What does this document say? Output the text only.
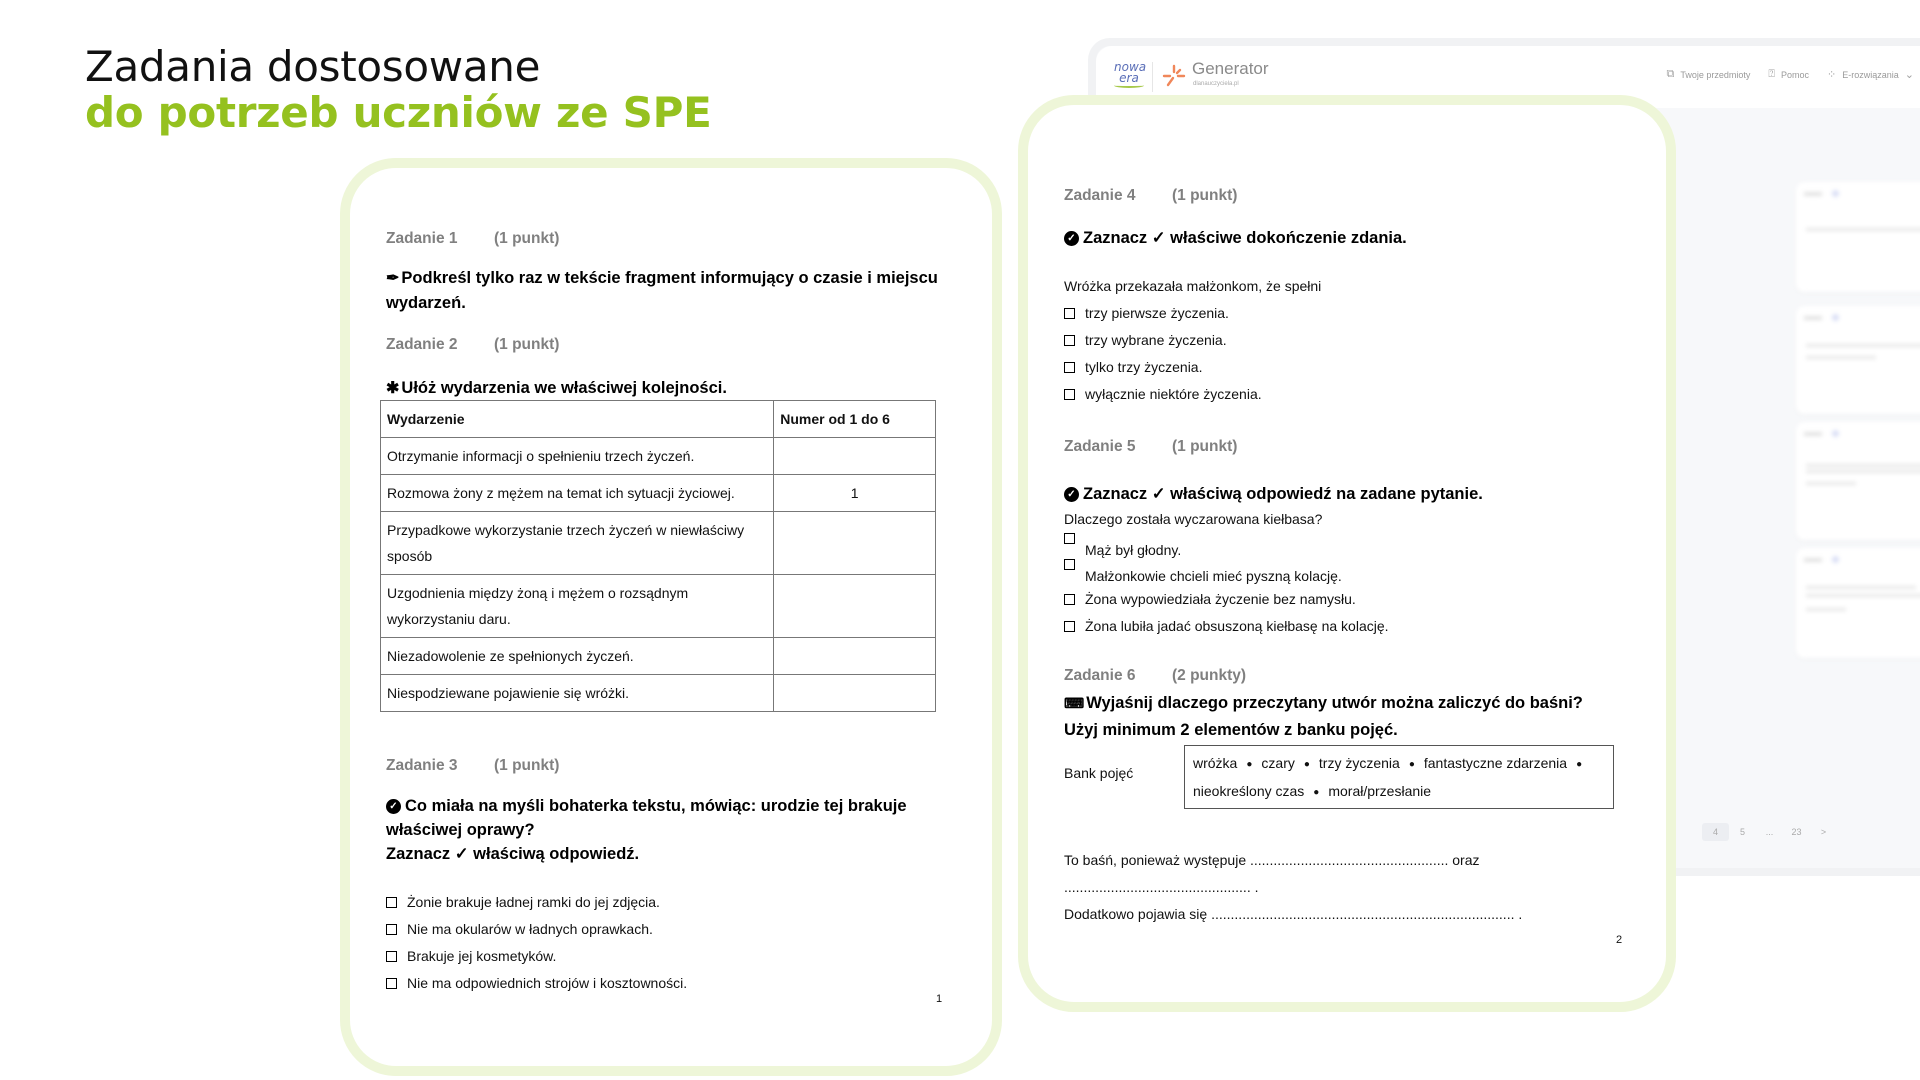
Zadania dostosowane
do potrzeb uczniów ze SPE
nowa
era	Generator
dlanauczyciela.pl
⧉ Twoje przedmioty ⍰ Pomoc ⁘ E-rozwiązania ⌄
4	5	...	23	>
Zadanie 1 (1 punkt)
✒ Podkreśl tylko raz w tekście fragment informujący o czasie i miejscu wydarzeń.
Zadanie 2 (1 punkt)
✱ Ułóż wydarzenia we właściwej kolejności.
Wydarzenie	Numer od 1 do 6
Otrzymanie informacji o spełnieniu trzech życzeń.	
Rozmowa żony z mężem na temat ich sytuacji życiowej.	1
Przypadkowe wykorzystanie trzech życzeń w niewłaściwy sposób	
Uzgodnienia między żoną i mężem o rozsądnym wykorzystaniu daru.	
Niezadowolenie ze spełnionych życzeń.	
Niespodziewane pojawienie się wróżki.	
Zadanie 3 (1 punkt)
✓ Co miała na myśli bohaterka tekstu, mówiąc: urodzie tej brakuje właściwej oprawy?
Zaznacz ✓ właściwą odpowiedź.
Żonie brakuje ładnej ramki do jej zdjęcia.
Nie ma okularów w ładnych oprawkach.
Brakuje jej kosmetyków.
Nie ma odpowiednich strojów i kosztowności.
1
Zadanie 4 (1 punkt)
✓ Zaznacz ✓ właściwe dokończenie zdania.
Wróżka przekazała małżonkom, że spełni
trzy pierwsze życzenia.
trzy wybrane życzenia.
tylko trzy życzenia.
wyłącznie niektóre życzenia.
Zadanie 5 (1 punkt)
✓ Zaznacz ✓ właściwą odpowiedź na zadane pytanie.
Dlaczego została wyczarowana kiełbasa?
Mąż był głodny.
Małżonkowie chcieli mieć pyszną kolację.
Żona wypowiedziała życzenie bez namysłu.
Żona lubiła jadać obsuszoną kiełbasę na kolację.
Zadanie 6 (2 punkty)
⌨ Wyjaśnij dlaczego przeczytany utwór można zaliczyć do baśni?
Użyj minimum 2 elementów z banku pojęć.
Bank pojęć
wróżka ● czary ● trzy życzenia ● fantastyczne zdarzenia ●
nieokreślony czas ● morał/przesłanie
To baśń, ponieważ występuje ................................................... oraz
................................................ .
Dodatkowo pojawia się .............................................................................. .
2
